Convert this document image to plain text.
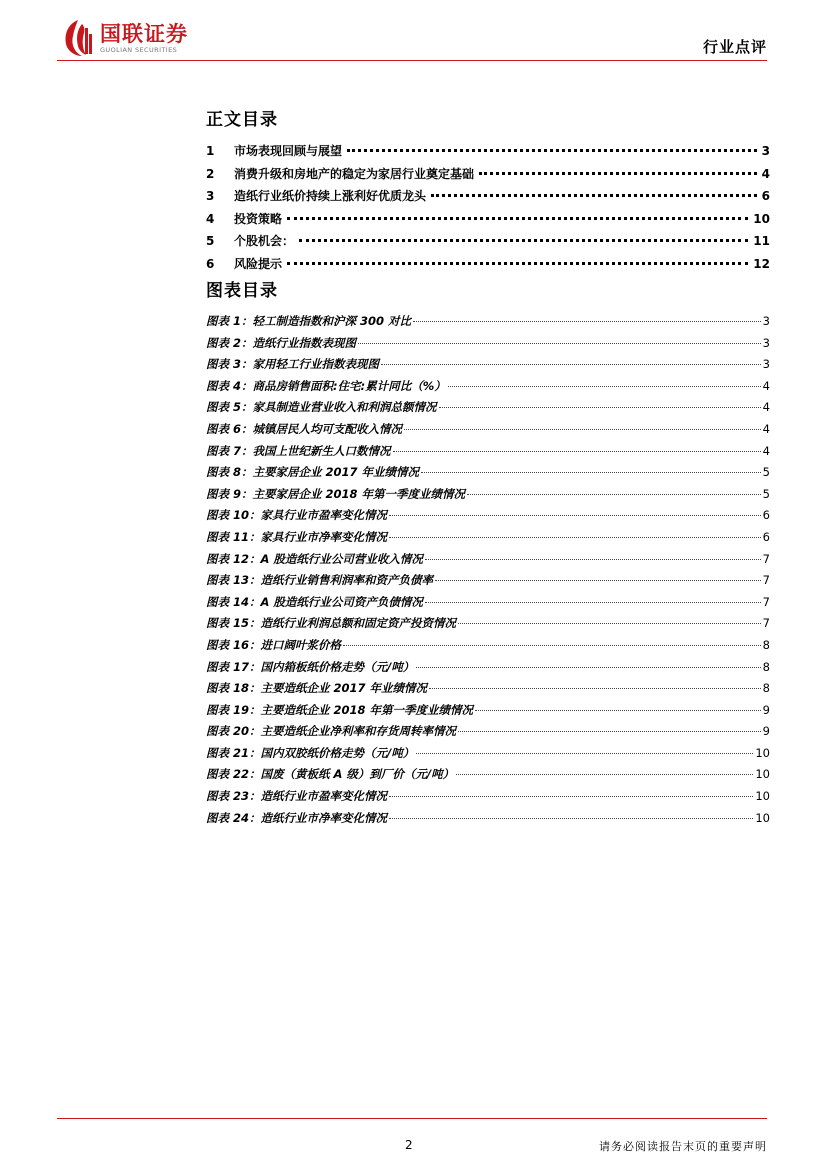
国联证券
GUOLIAN SECURITIES	行业点评
正文目录
1	市场表现回顾与展望	3
2	消费升级和房地产的稳定为家居行业奠定基础	4
3	造纸行业纸价持续上涨利好优质龙头	6
4	投资策略	10
5	个股机会：	11
6	风险提示	12
图表目录
图表 1：轻工制造指数和沪深 300 对比	3
图表 2：造纸行业指数表现图	3
图表 3：家用轻工行业指数表现图	3
图表 4：商品房销售面积:住宅:累计同比（%）	4
图表 5：家具制造业营业收入和利润总额情况	4
图表 6：城镇居民人均可支配收入情况	4
图表 7：我国上世纪新生人口数情况	4
图表 8：主要家居企业 2017 年业绩情况	5
图表 9：主要家居企业 2018 年第一季度业绩情况	5
图表 10：家具行业市盈率变化情况	6
图表 11：家具行业市净率变化情况	6
图表 12：A 股造纸行业公司营业收入情况	7
图表 13：造纸行业销售利润率和资产负债率	7
图表 14：A 股造纸行业公司资产负债情况	7
图表 15：造纸行业利润总额和固定资产投资情况	7
图表 16：进口阔叶浆价格	8
图表 17：国内箱板纸价格走势（元/吨）	8
图表 18：主要造纸企业 2017 年业绩情况	8
图表 19：主要造纸企业 2018 年第一季度业绩情况	9
图表 20：主要造纸企业净利率和存货周转率情况	9
图表 21：国内双胶纸价格走势（元/吨）	10
图表 22：国废（黄板纸 A 级）到厂价（元/吨）	10
图表 23：造纸行业市盈率变化情况	10
图表 24：造纸行业市净率变化情况	10
2	请务必阅读报告末页的重要声明
